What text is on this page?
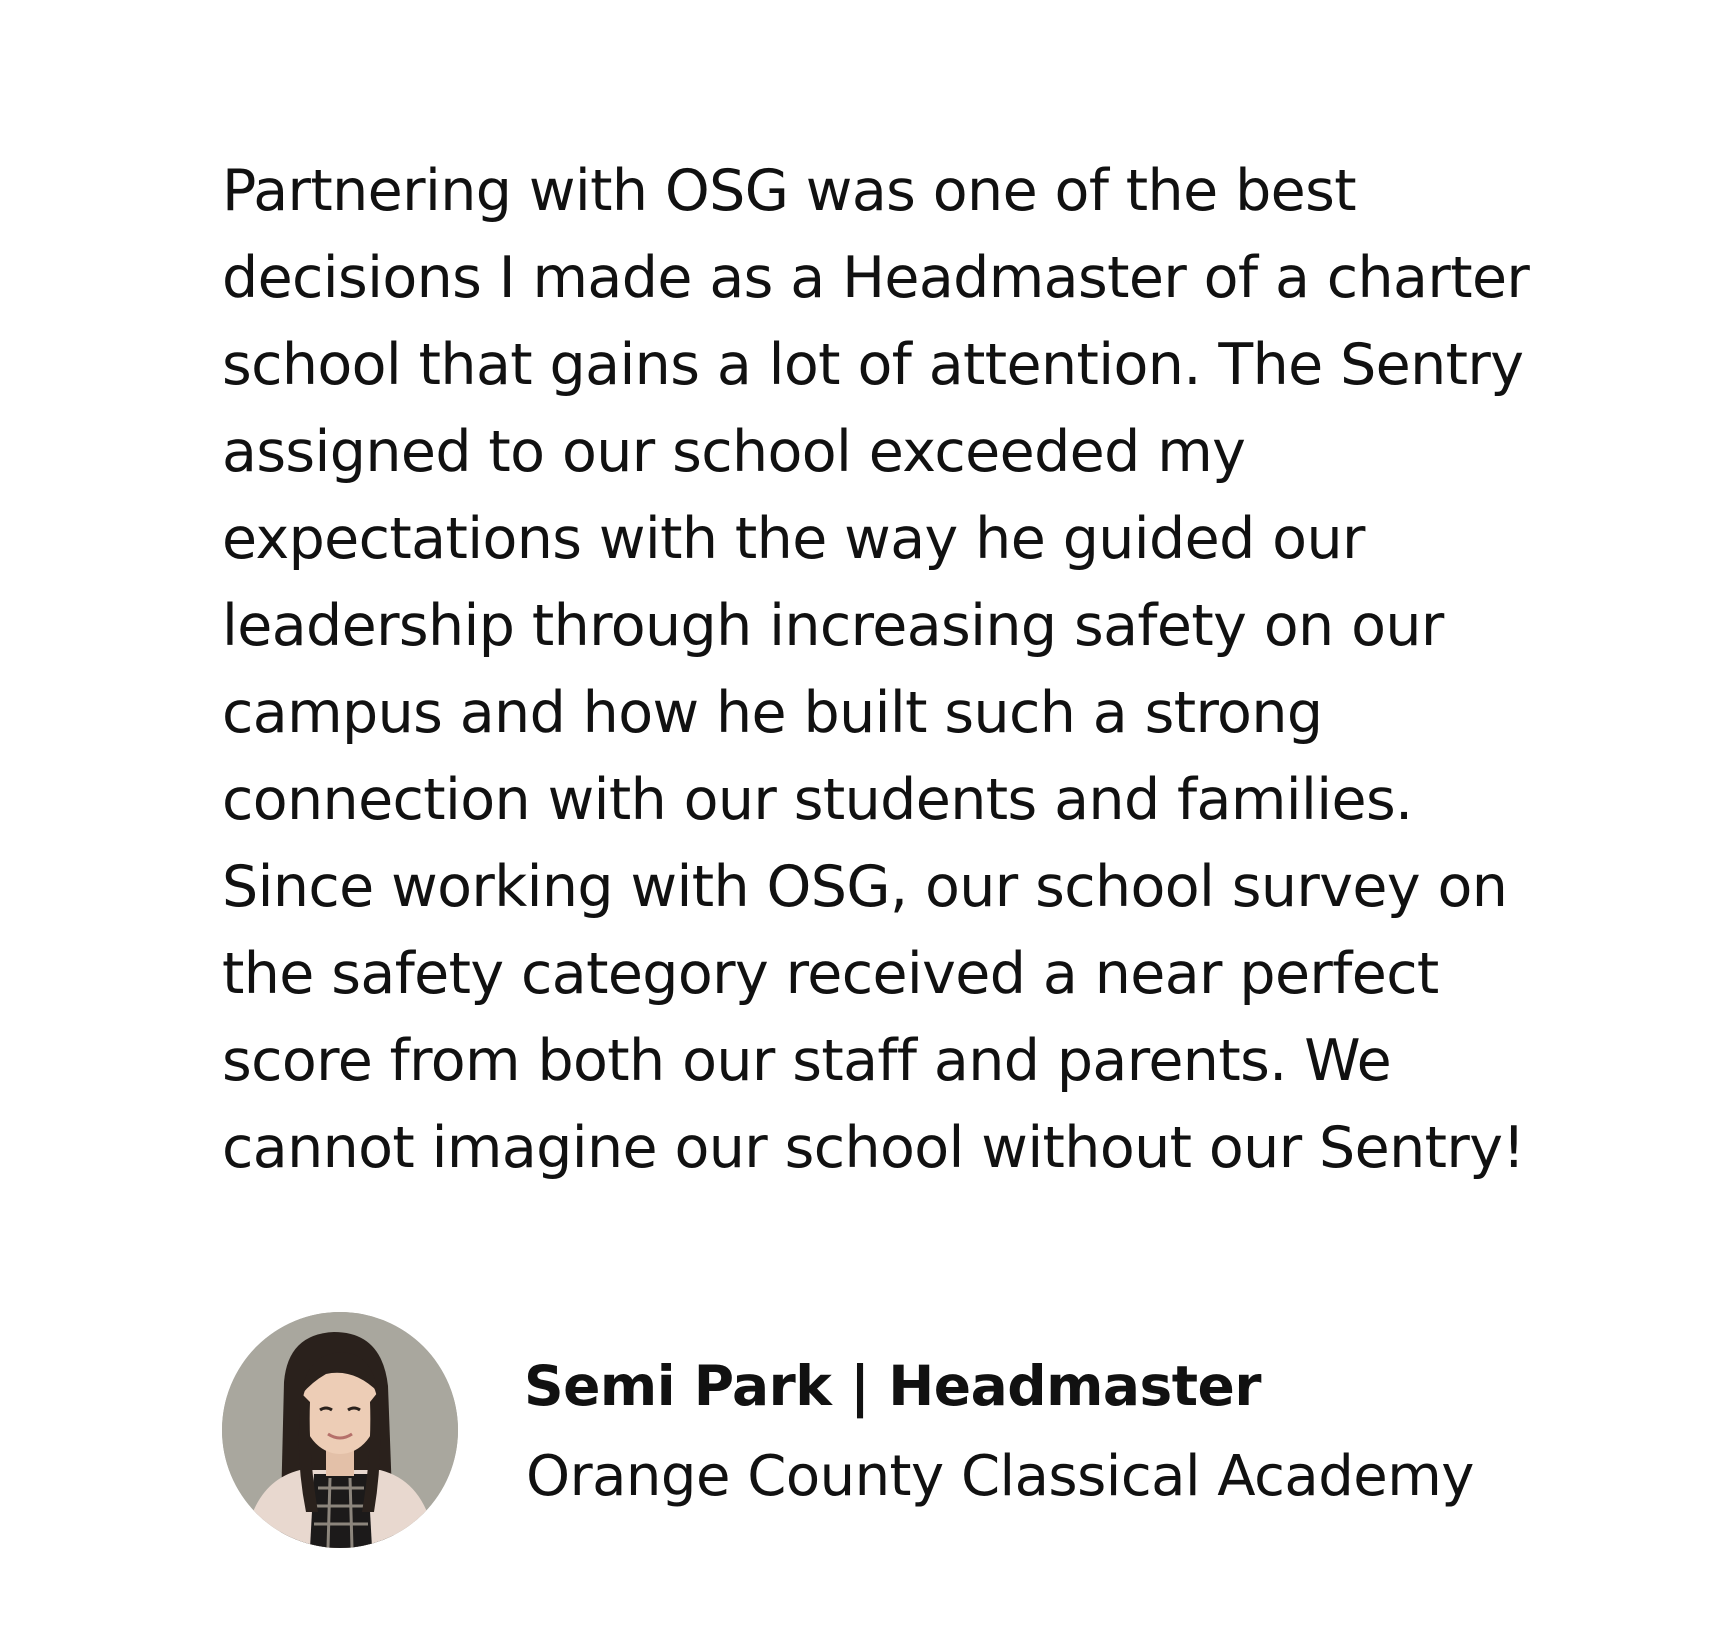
Partnering with OSG was one of the best
decisions I made as a Headmaster of a charter
school that gains a lot of attention. The Sentry
assigned to our school exceeded my
expectations with the way he guided our
leadership through increasing safety on our
campus and how he built such a strong
connection with our students and families.
Since working with OSG, our school survey on
the safety category received a near perfect
score from both our staff and parents. We
cannot imagine our school without our Sentry!
Semi Park | Headmaster
Orange County Classical Academy
